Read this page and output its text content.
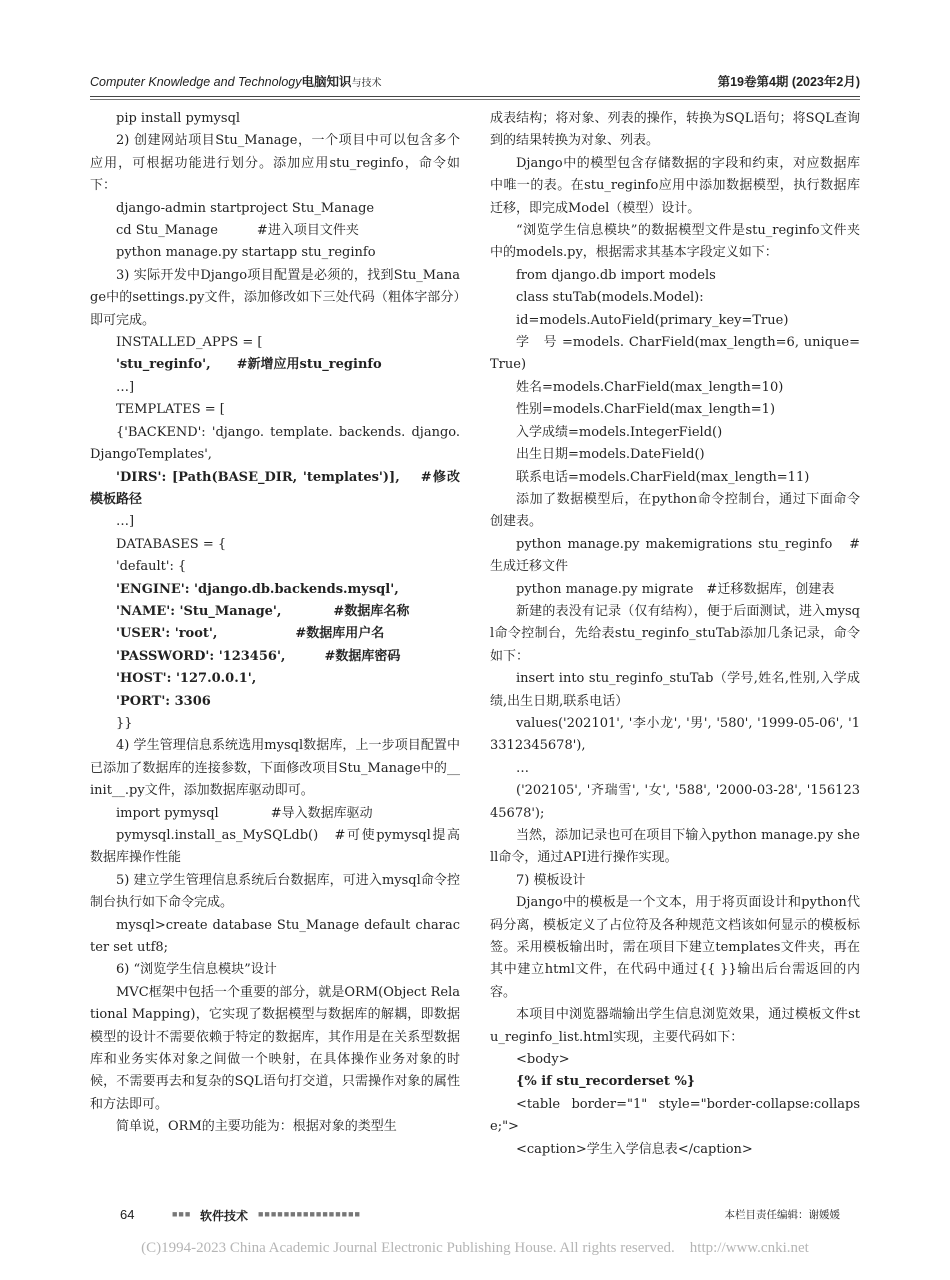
Computer Knowledge and Technology电脑知识与技术	第19卷第4期 (2023年2月)

pip install pymysql

2) 创建网站项目Stu_Manage，一个项目中可以包含多个应用，可根据功能进行划分。添加应用stu_reginfo，命令如下：

django-admin startproject Stu_Manage

cd Stu_Manage　　　#进入项目文件夹

python manage.py startapp stu_reginfo

3) 实际开发中Django项目配置是必须的，找到Stu_Manage中的settings.py文件，添加修改如下三处代码（粗体字部分）即可完成。

INSTALLED_APPS = [

'stu_reginfo',　　#新增应用stu_reginfo

…]

TEMPLATES = [

{'BACKEND': 'django. template. backends. django.DjangoTemplates',

'DIRS': [Path(BASE_DIR, 'templates')],　 #修改模板路径

…]

DATABASES = {

'default': {

'ENGINE': 'django.db.backends.mysql',

'NAME': 'Stu_Manage',　　　　#数据库名称

'USER': 'root',　　　　　　#数据库用户名

'PASSWORD': '123456',　　　#数据库密码

'HOST': '127.0.0.1',

'PORT': 3306

}}

4) 学生管理信息系统选用mysql数据库，上一步项目配置中已添加了数据库的连接参数，下面修改项目Stu_Manage中的__init__.py文件，添加数据库驱动即可。

import pymysql　　　　#导入数据库驱动

pymysql.install_as_MySQLdb()　#可使pymysql提高数据库操作性能

5) 建立学生管理信息系统后台数据库，可进入mysql命令控制台执行如下命令完成。

mysql>create database Stu_Manage default character set utf8;

6) “浏览学生信息模块”设计

MVC框架中包括一个重要的部分，就是ORM(Object Relational Mapping)，它实现了数据模型与数据库的解耦，即数据模型的设计不需要依赖于特定的数据库，其作用是在关系型数据库和业务实体对象之间做一个映射，在具体操作业务对象的时候，不需要再去和复杂的SQL语句打交道，只需操作对象的属性和方法即可。

简单说，ORM的主要功能为：根据对象的类型生

成表结构；将对象、列表的操作，转换为SQL语句；将SQL查询到的结果转换为对象、列表。

Django中的模型包含存储数据的字段和约束，对应数据库中唯一的表。在stu_reginfo应用中添加数据模型，执行数据库迁移，即完成Model（模型）设计。

“浏览学生信息模块”的数据模型文件是stu_reginfo文件夹中的models.py，根据需求其基本字段定义如下：

from django.db import models

class stuTab(models.Model):

id=models.AutoField(primary_key=True)

学　号 =models. CharField(max_length=6, unique=True)

姓名=models.CharField(max_length=10)

性别=models.CharField(max_length=1)

入学成绩=models.IntegerField()

出生日期=models.DateField()

联系电话=models.CharField(max_length=11)

添加了数据模型后，在python命令控制台，通过下面命令创建表。

python manage.py makemigrations stu_reginfo　#生成迁移文件

python manage.py migrate　#迁移数据库，创建表

新建的表没有记录（仅有结构），便于后面测试，进入mysql命令控制台，先给表stu_reginfo_stuTab添加几条记录，命令如下：

insert into stu_reginfo_stuTab（学号,姓名,性别,入学成绩,出生日期,联系电话）

values('202101', '李小龙', '男', '580', '1999-05-06', '13312345678'),

…

('202105', '齐瑞雪', '女', '588', '2000-03-28', '15612345678');

当然，添加记录也可在项目下输入python manage.py shell命令，通过API进行操作实现。

7) 模板设计

Django中的模板是一个文本，用于将页面设计和python代码分离，模板定义了占位符及各种规范文档该如何显示的模板标签。采用模板输出时，需在项目下建立templates文件夹，再在其中建立html文件，在代码中通过{{ }}输出后台需返回的内容。

本项目中浏览器端输出学生信息浏览效果，通过模板文件stu_reginfo_list.html实现，主要代码如下：

<body>

{% if stu_recorderset %}

<table border="1" style="border-collapse:collapse;">

<caption>学生入学信息表</caption>

64	■■■ 软件技术 ■■■■■■■■■■■■■■■■	本栏目责任编辑：谢媛媛
(C)1994-2023 China Academic Journal Electronic Publishing House. All rights reserved.　http://www.cnki.net
